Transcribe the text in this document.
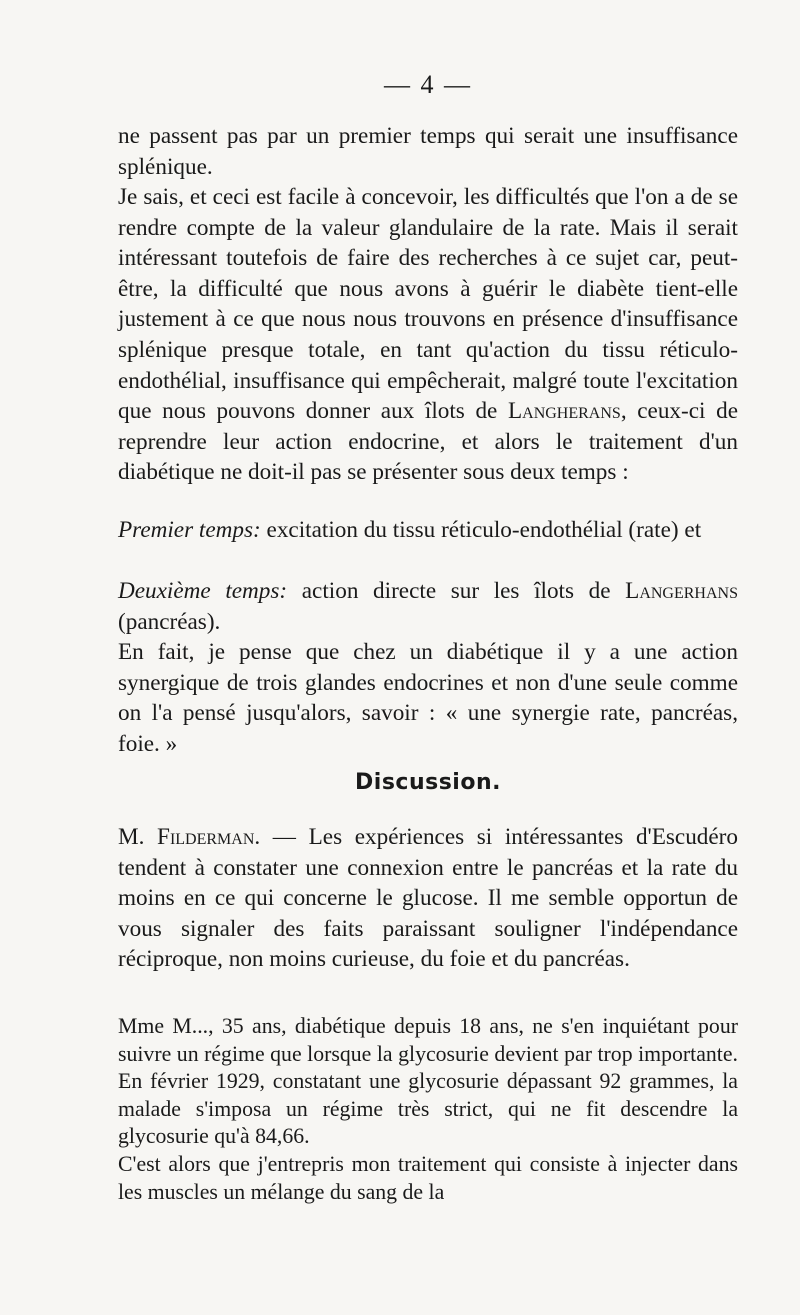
— 4 —

ne passent pas par un premier temps qui serait une insuffisance splénique.

Je sais, et ceci est facile à concevoir, les difficultés que l'on a de se rendre compte de la valeur glandulaire de la rate. Mais il serait intéressant toutefois de faire des recherches à ce sujet car, peut-être, la difficulté que nous avons à guérir le diabète tient-elle justement à ce que nous nous trouvons en présence d'insuffisance splénique presque totale, en tant qu'action du tissu réticulo-endothélial, insuffisance qui empêcherait, malgré toute l'excitation que nous pouvons donner aux îlots de Langherans, ceux-ci de reprendre leur action endocrine, et alors le traitement d'un diabétique ne doit-il pas se présenter sous deux temps :

Premier temps: excitation du tissu réticulo-endothélial (rate) et

Deuxième temps: action directe sur les îlots de Langerhans (pancréas).

En fait, je pense que chez un diabétique il y a une action synergique de trois glandes endocrines et non d'une seule comme on l'a pensé jusqu'alors, savoir : « une synergie rate, pancréas, foie. »

Discussion.

M. Filderman. — Les expériences si intéressantes d'Escudéro tendent à constater une connexion entre le pancréas et la rate du moins en ce qui concerne le glucose. Il me semble opportun de vous signaler des faits paraissant souligner l'indépendance réciproque, non moins curieuse, du foie et du pancréas.

Mme M..., 35 ans, diabétique depuis 18 ans, ne s'en inquiétant pour suivre un régime que lorsque la glycosurie devient par trop importante. En février 1929, constatant une glycosurie dépassant 92 grammes, la malade s'imposa un régime très strict, qui ne fit descendre la glycosurie qu'à 84,66.

C'est alors que j'entrepris mon traitement qui consiste à injecter dans les muscles un mélange du sang de la
